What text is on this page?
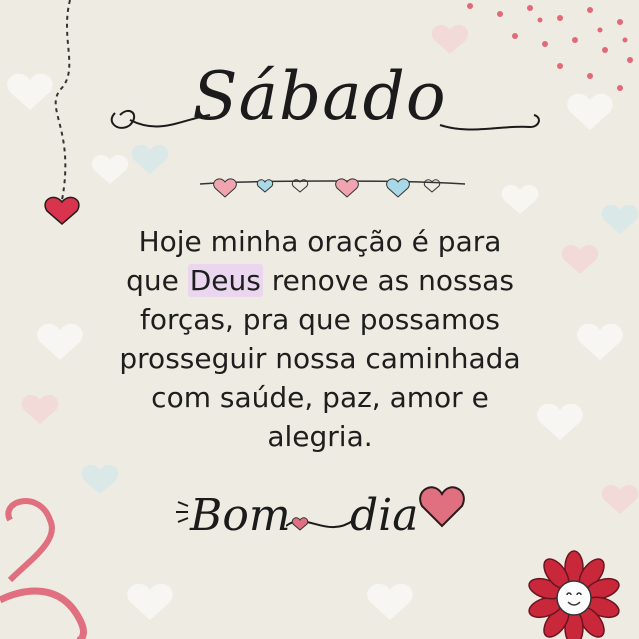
Sábado
Hoje minha oração é para
que Deus renove as nossas
forças, pra que possamos
prosseguir nossa caminhada
com saúde, paz, amor e
alegria.
Bom dia
